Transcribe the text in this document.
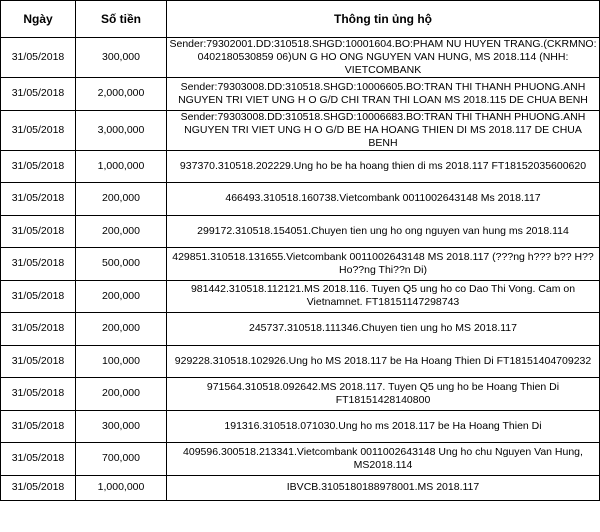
Ngày	Số tiền	Thông tin ủng hộ
31/05/2018	300,000	Sender:79302001.DD:310518.SHGD:10001604.BO:PHAM NU HUYEN TRANG.(CKRMNO: 0402180530859 06)UN G HO ONG NGUYEN VAN HUNG, MS 2018.114 (NHH: VIETCOMBANK
31/05/2018	2,000,000	Sender:79303008.DD:310518.SHGD:10006605.BO:TRAN THI THANH PHUONG.ANH NGUYEN TRI VIET UNG H O G/D CHI TRAN THI LOAN MS 2018.115 DE CHUA BENH
31/05/2018	3,000,000	Sender:79303008.DD:310518.SHGD:10006683.BO:TRAN THI THANH PHUONG.ANH NGUYEN TRI VIET UNG H O G/D BE HA HOANG THIEN DI MS 2018.117 DE CHUA BENH
31/05/2018	1,000,000	937370.310518.202229.Ung ho be ha hoang thien di ms 2018.117 FT18152035600620
31/05/2018	200,000	466493.310518.160738.Vietcombank 0011002643148 Ms 2018.117
31/05/2018	200,000	299172.310518.154051.Chuyen tien ung ho ong nguyen van hung ms 2018.114
31/05/2018	500,000	429851.310518.131655.Vietcombank 0011002643148 MS 2018.117 (???ng h??? b?? H?? Ho??ng Thi??n Di)
31/05/2018	200,000	981442.310518.112121.MS 2018.116. Tuyen Q5 ung ho co Dao Thi Vong. Cam on Vietnamnet. FT18151147298743
31/05/2018	200,000	245737.310518.111346.Chuyen tien ung ho MS 2018.117
31/05/2018	100,000	929228.310518.102926.Ung ho MS 2018.117 be Ha Hoang Thien Di FT18151404709232
31/05/2018	200,000	971564.310518.092642.MS 2018.117. Tuyen Q5 ung ho be Hoang Thien Di FT18151428140800
31/05/2018	300,000	191316.310518.071030.Ung ho ms 2018.117 be Ha Hoang Thien Di
31/05/2018	700,000	409596.300518.213341.Vietcombank 0011002643148 Ung ho chu Nguyen Van Hung, MS2018.114
31/05/2018	1,000,000	IBVCB.3105180188978001.MS 2018.117
